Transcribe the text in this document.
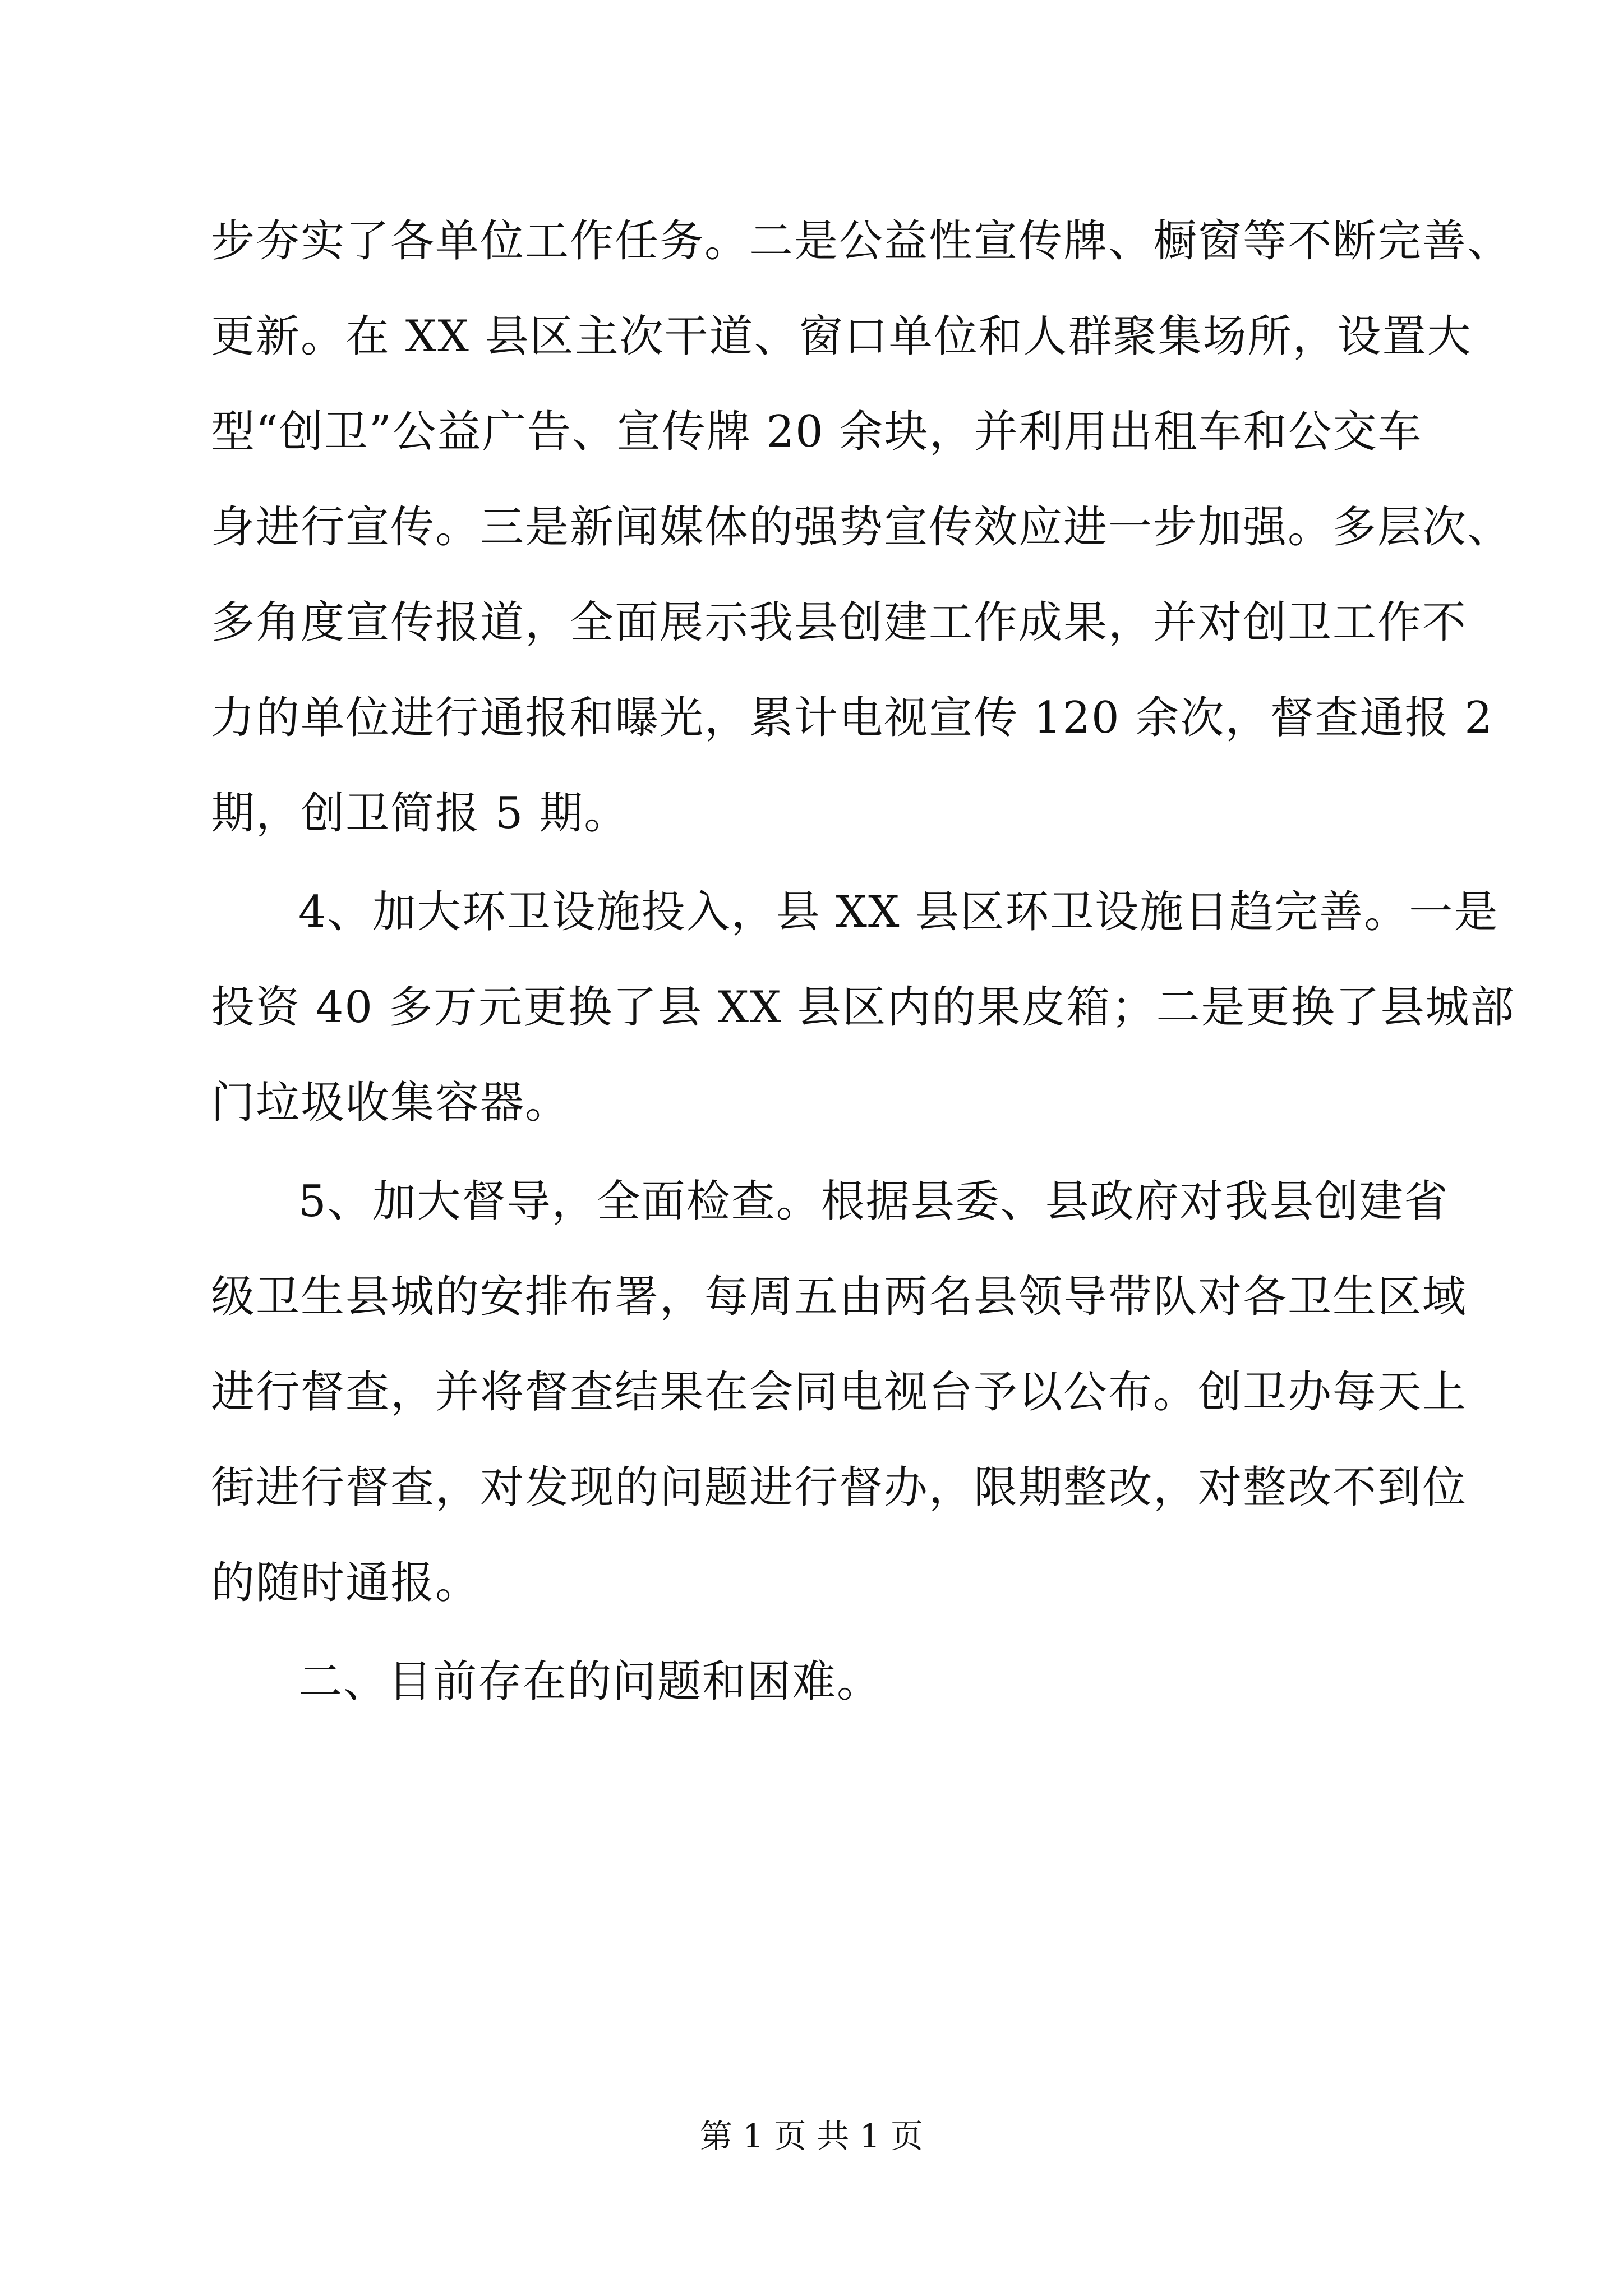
步夯实了各单位工作任务。二是公益性宣传牌、橱窗等不断完善、
更新。在 XX 县区主次干道、窗口单位和人群聚集场所，设置大
型“创卫”公益广告、宣传牌 20 余块，并利用出租车和公交车
身进行宣传。三是新闻媒体的强势宣传效应进一步加强。多层次、
多角度宣传报道，全面展示我县创建工作成果，并对创卫工作不
力的单位进行通报和曝光，累计电视宣传 120 余次，督查通报 2
期，创卫简报 5 期。
4、加大环卫设施投入，县 XX 县区环卫设施日趋完善。一是
投资 40 多万元更换了县 XX 县区内的果皮箱；二是更换了县城部
门垃圾收集容器。
5、加大督导，全面检查。根据县委、县政府对我县创建省
级卫生县城的安排布署，每周五由两名县领导带队对各卫生区域
进行督查，并将督查结果在会同电视台予以公布。创卫办每天上
街进行督查，对发现的问题进行督办，限期整改，对整改不到位
的随时通报。
二、目前存在的问题和困难。
第 1 页 共 1 页
